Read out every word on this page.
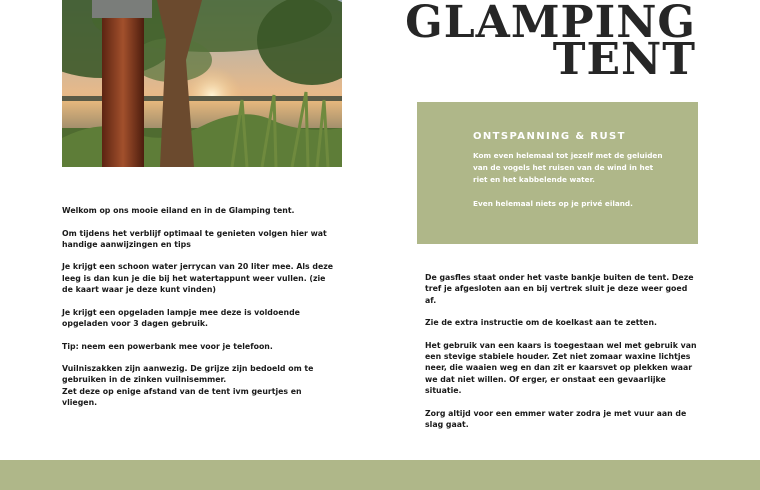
GLAMPING
TENT
ONTSPANNING & RUST

Kom even helemaal tot jezelf met de geluiden van de vogels het ruisen van de wind in het riet en het kabbelende water.

Even helemaal niets op je privé eiland.

Welkom op ons mooie eiland en in de Glamping tent.

Om tijdens het verblijf optimaal te genieten volgen hier wat handige aanwijzingen en tips

Je krijgt een schoon water jerrycan van 20 liter mee. Als deze leeg is dan kun je die bij het watertappunt weer vullen. (zie de kaart waar je deze kunt vinden)

Je krijgt een opgeladen lampje mee deze is voldoende opgeladen voor 3 dagen gebruik.

Tip: neem een powerbank mee voor je telefoon.

Vuilniszakken zijn aanwezig. De grijze zijn bedoeld om te gebruiken in de zinken vuilnisemmer.
Zet deze op enige afstand van de tent ivm geurtjes en vliegen.

De gasfles staat onder het vaste bankje buiten de tent. Deze tref je afgesloten aan en bij vertrek sluit je deze weer goed af.

Zie de extra instructie om de koelkast aan te zetten.

Het gebruik van een kaars is toegestaan wel met gebruik van een stevige stabiele houder. Zet niet zomaar waxine lichtjes neer, die waaien weg en dan zit er kaarsvet op plekken waar we dat niet willen. Of erger, er onstaat een gevaarlijke situatie.

Zorg altijd voor een emmer water zodra je met vuur aan de slag gaat.
